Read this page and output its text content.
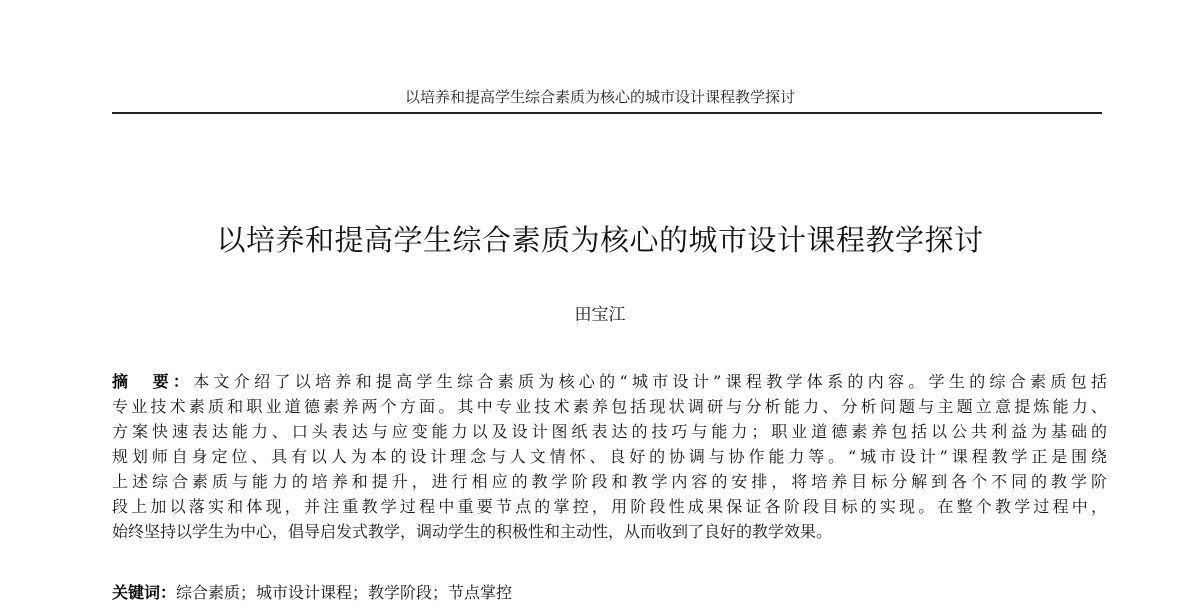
以培养和提高学生综合素质为核心的城市设计课程教学探讨
以培养和提高学生综合素质为核心的城市设计课程教学探讨
田宝江
摘　要：本文介绍了以培养和提高学生综合素质为核心的“城市设计”课程教学体系的内容。学生的综合素质包括
专业技术素质和职业道德素养两个方面。其中专业技术素养包括现状调研与分析能力、分析问题与主题立意提炼能力、
方案快速表达能力、口头表达与应变能力以及设计图纸表达的技巧与能力；职业道德素养包括以公共利益为基础的
规划师自身定位、具有以人为本的设计理念与人文情怀、良好的协调与协作能力等。“城市设计”课程教学正是围绕
上述综合素质与能力的培养和提升，进行相应的教学阶段和教学内容的安排，将培养目标分解到各个不同的教学阶
段上加以落实和体现，并注重教学过程中重要节点的掌控，用阶段性成果保证各阶段目标的实现。在整个教学过程中，
始终坚持以学生为中心，倡导启发式教学，调动学生的积极性和主动性，从而收到了良好的教学效果。
关键词：综合素质；城市设计课程；教学阶段；节点掌控
